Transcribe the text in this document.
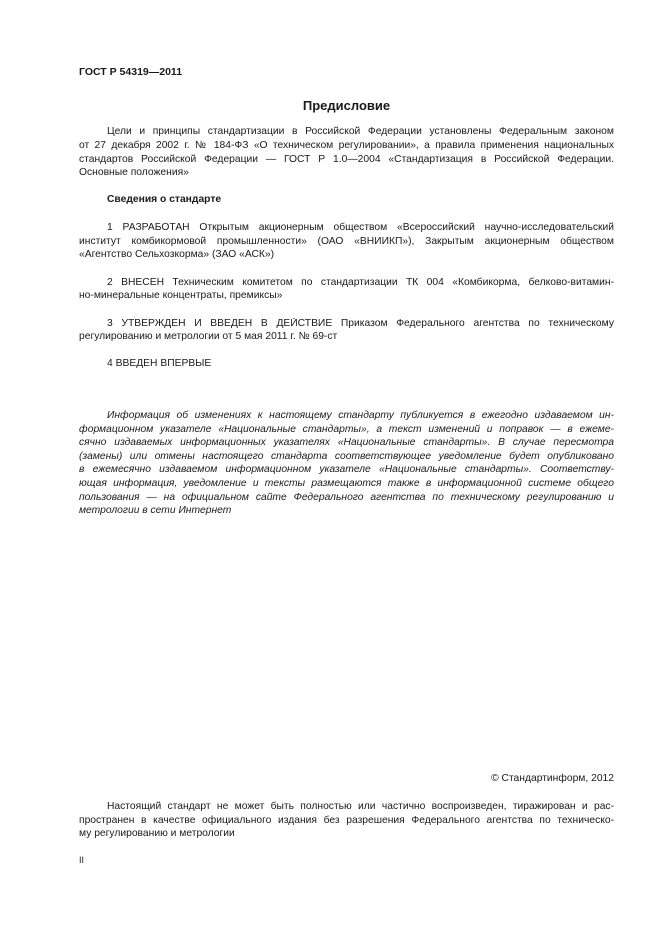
ГОСТ Р 54319—2011
Предисловие
Цели и принципы стандартизации в Российской Федерации установлены Федеральным законом
от 27 декабря 2002 г. № 184-ФЗ «О техническом регулировании», а правила применения национальных
стандартов Российской Федерации — ГОСТ Р 1.0—2004 «Стандартизация в Российской Федерации.
Основные положения»
Сведения о стандарте
1 РАЗРАБОТАН Открытым акционерным обществом «Всероссийский научно-исследовательский
институт комбикормовой промышленности» (ОАО «ВНИИКП»), Закрытым акционерным обществом
«Агентство Сельхозкорма» (ЗАО «АСК»)
2 ВНЕСЕН Техническим комитетом по стандартизации ТК 004 «Комбикорма, белково-витамин-
но-минеральные концентраты, премиксы»
3 УТВЕРЖДЕН И ВВЕДЕН В ДЕЙСТВИЕ Приказом Федерального агентства по техническому
регулированию и метрологии от 5 мая 2011 г. № 69-ст
4 ВВЕДЕН ВПЕРВЫЕ
Информация об изменениях к настоящему стандарту публикуется в ежегодно издаваемом ин-
формационном указателе «Национальные стандарты», а текст изменений и поправок — в ежеме-
сячно издаваемых информационных указателях «Национальные стандарты». В случае пересмотра
(замены) или отмены настоящего стандарта соответствующее уведомление будет опубликовано
в ежемесячно издаваемом информационном указателе «Национальные стандарты». Соответству-
ющая информация, уведомление и тексты размещаются также в информационной системе общего
пользования — на официальном сайте Федерального агентства по техническому регулированию и
метрологии в сети Интернет
© Стандартинформ, 2012
Настоящий стандарт не может быть полностью или частично воспроизведен, тиражирован и рас-
пространен в качестве официального издания без разрешения Федерального агентства по техническо-
му регулированию и метрологии
II
